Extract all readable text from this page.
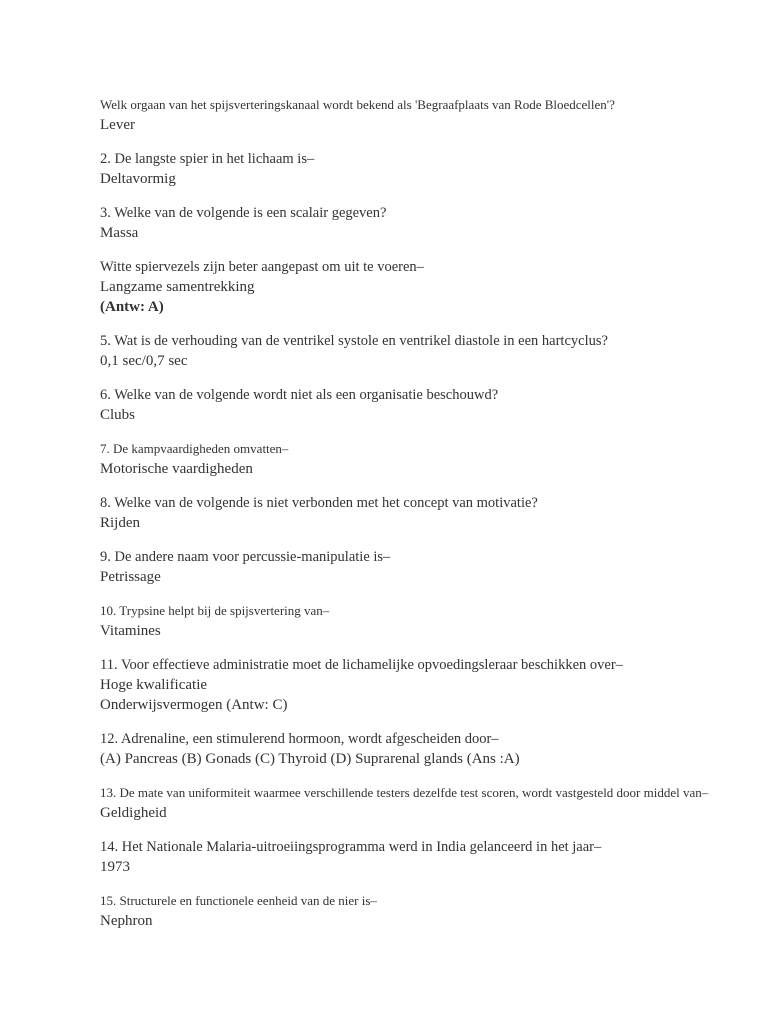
Welk orgaan van het spijsverteringskanaal wordt bekend als 'Begraafplaats van Rode Bloedcellen'?
Lever
2. De langste spier in het lichaam is–
Deltavormig
3. Welke van de volgende is een scalair gegeven?
Massa
Witte spiervezels zijn beter aangepast om uit te voeren–
Langzame samentrekking
(Antw: A)
5. Wat is de verhouding van de ventrikel systole en ventrikel diastole in een hartcyclus?
0,1 sec/0,7 sec
6. Welke van de volgende wordt niet als een organisatie beschouwd?
Clubs
7. De kampvaardigheden omvatten–
Motorische vaardigheden
8. Welke van de volgende is niet verbonden met het concept van motivatie?
Rijden
9. De andere naam voor percussie-manipulatie is–
Petrissage
10. Trypsine helpt bij de spijsvertering van–
Vitamines
11. Voor effectieve administratie moet de lichamelijke opvoedingsleraar beschikken over–
Hoge kwalificatie
Onderwijsvermogen (Antw: C)
12. Adrenaline, een stimulerend hormoon, wordt afgescheiden door–
(A) Pancreas (B) Gonads (C) Thyroid (D) Suprarenal glands (Ans :A)
13. De mate van uniformiteit waarmee verschillende testers dezelfde test scoren, wordt vastgesteld door middel van–
Geldigheid
14. Het Nationale Malaria-uitroeiingsprogramma werd in India gelanceerd in het jaar–
1973
15. Structurele en functionele eenheid van de nier is–
Nephron
